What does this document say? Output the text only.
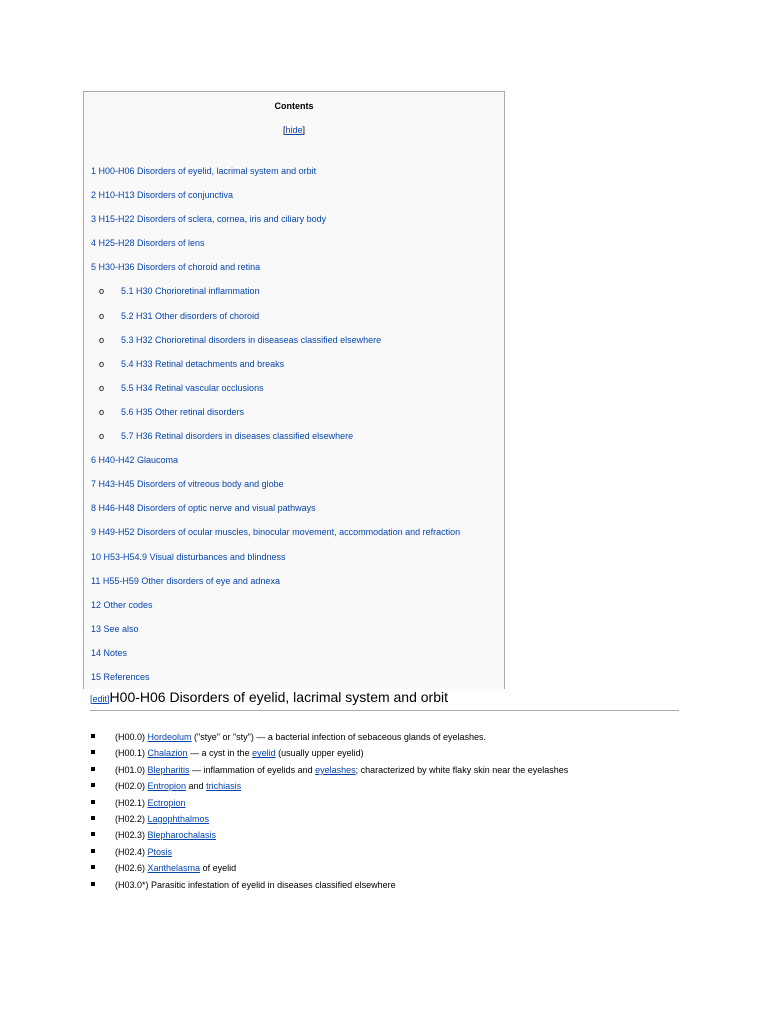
Contents
[hide]
1 H00-H06 Disorders of eyelid, lacrimal system and orbit
2 H10-H13 Disorders of conjunctiva
3 H15-H22 Disorders of sclera, cornea, iris and ciliary body
4 H25-H28 Disorders of lens
5 H30-H36 Disorders of choroid and retina
o 5.1 H30 Chorioretinal inflammation
o 5.2 H31 Other disorders of choroid
o 5.3 H32 Chorioretinal disorders in diseaseas classified elsewhere
o 5.4 H33 Retinal detachments and breaks
o 5.5 H34 Retinal vascular occlusions
o 5.6 H35 Other retinal disorders
o 5.7 H36 Retinal disorders in diseases classified elsewhere
6 H40-H42 Glaucoma
7 H43-H45 Disorders of vitreous body and globe
8 H46-H48 Disorders of optic nerve and visual pathways
9 H49-H52 Disorders of ocular muscles, binocular movement, accommodation and refraction
10 H53-H54.9 Visual disturbances and blindness
11 H55-H59 Other disorders of eye and adnexa
12 Other codes
13 See also
14 Notes
15 References
[edit]H00-H06 Disorders of eyelid, lacrimal system and orbit
(H00.0) Hordeolum ("stye" or "sty") — a bacterial infection of sebaceous glands of eyelashes.
(H00.1) Chalazion — a cyst in the eyelid (usually upper eyelid)
(H01.0) Blepharitis — inflammation of eyelids and eyelashes; characterized by white flaky skin near the eyelashes
(H02.0) Entropion and trichiasis
(H02.1) Ectropion
(H02.2) Lagophthalmos
(H02.3) Blepharochalasis
(H02.4) Ptosis
(H02.6) Xanthelasma of eyelid
(H03.0*) Parasitic infestation of eyelid in diseases classified elsewhere
